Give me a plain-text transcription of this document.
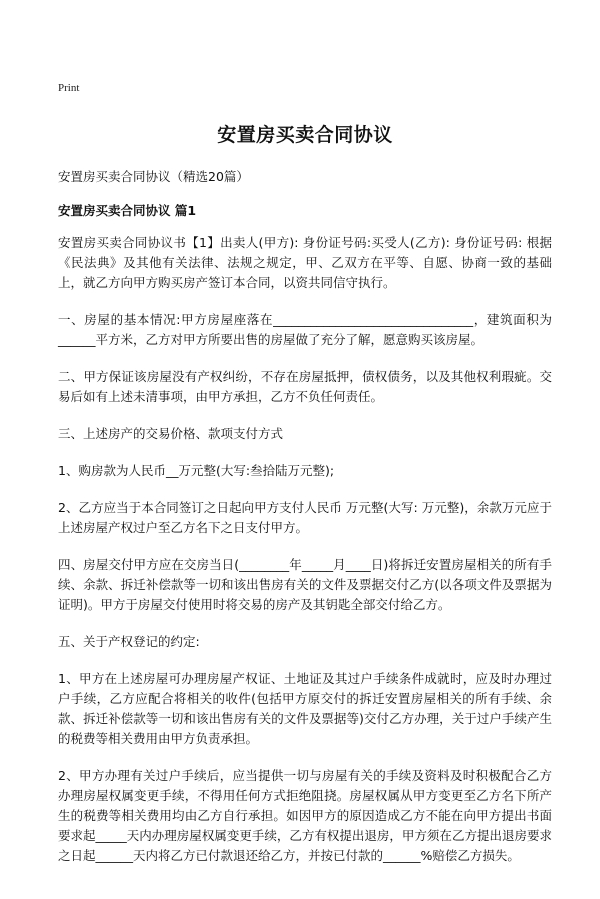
Print
安置房买卖合同协议
安置房买卖合同协议（精选20篇）
安置房买卖合同协议 篇1

安置房买卖合同协议书【1】出卖人(甲方): 身份证号码:买受人(乙方): 身份证号码: 根据《民法典》及其他有关法律、法规之规定，甲、乙双方在平等、自愿、协商一致的基础上，就乙方向甲方购买房产签订本合同，以资共同信守执行。

一、房屋的基本情况:甲方房屋座落在________________________________，建筑面积为______平方米，乙方对甲方所要出售的房屋做了充分了解，愿意购买该房屋。

二、甲方保证该房屋没有产权纠纷，不存在房屋抵押，债权债务，以及其他权利瑕疵。交易后如有上述未清事项，由甲方承担，乙方不负任何责任。

三、上述房产的交易价格、款项支付方式

1、购房款为人民币__万元整(大写:叁拾陆万元整);

2、乙方应当于本合同签订之日起向甲方支付人民币 万元整(大写: 万元整)，余款万元应于上述房屋产权过户至乙方名下之日支付甲方。

四、房屋交付甲方应在交房当日(________年_____月____日)将拆迁安置房屋相关的所有手续、余款、拆迁补偿款等一切和该出售房有关的文件及票据交付乙方(以各项文件及票据为证明)。甲方于房屋交付使用时将交易的房产及其钥匙全部交付给乙方。

五、关于产权登记的约定:

1、甲方在上述房屋可办理房屋产权证、土地证及其过户手续条件成就时，应及时办理过户手续，乙方应配合将相关的收件(包括甲方原交付的拆迁安置房屋相关的所有手续、余款、拆迁补偿款等一切和该出售房有关的文件及票据等)交付乙方办理，关于过户手续产生的税费等相关费用由甲方负责承担。

2、甲方办理有关过户手续后，应当提供一切与房屋有关的手续及资料及时积极配合乙方办理房屋权属变更手续，不得用任何方式拒绝阻挠。房屋权属从甲方变更至乙方名下所产生的税费等相关费用均由乙方自行承担。如因甲方的原因造成乙方不能在向甲方提出书面要求起_____天内办理房屋权属变更手续，乙方有权提出退房，甲方须在乙方提出退房要求之日起______天内将乙方已付款退还给乙方，并按已付款的______%赔偿乙方损失。
